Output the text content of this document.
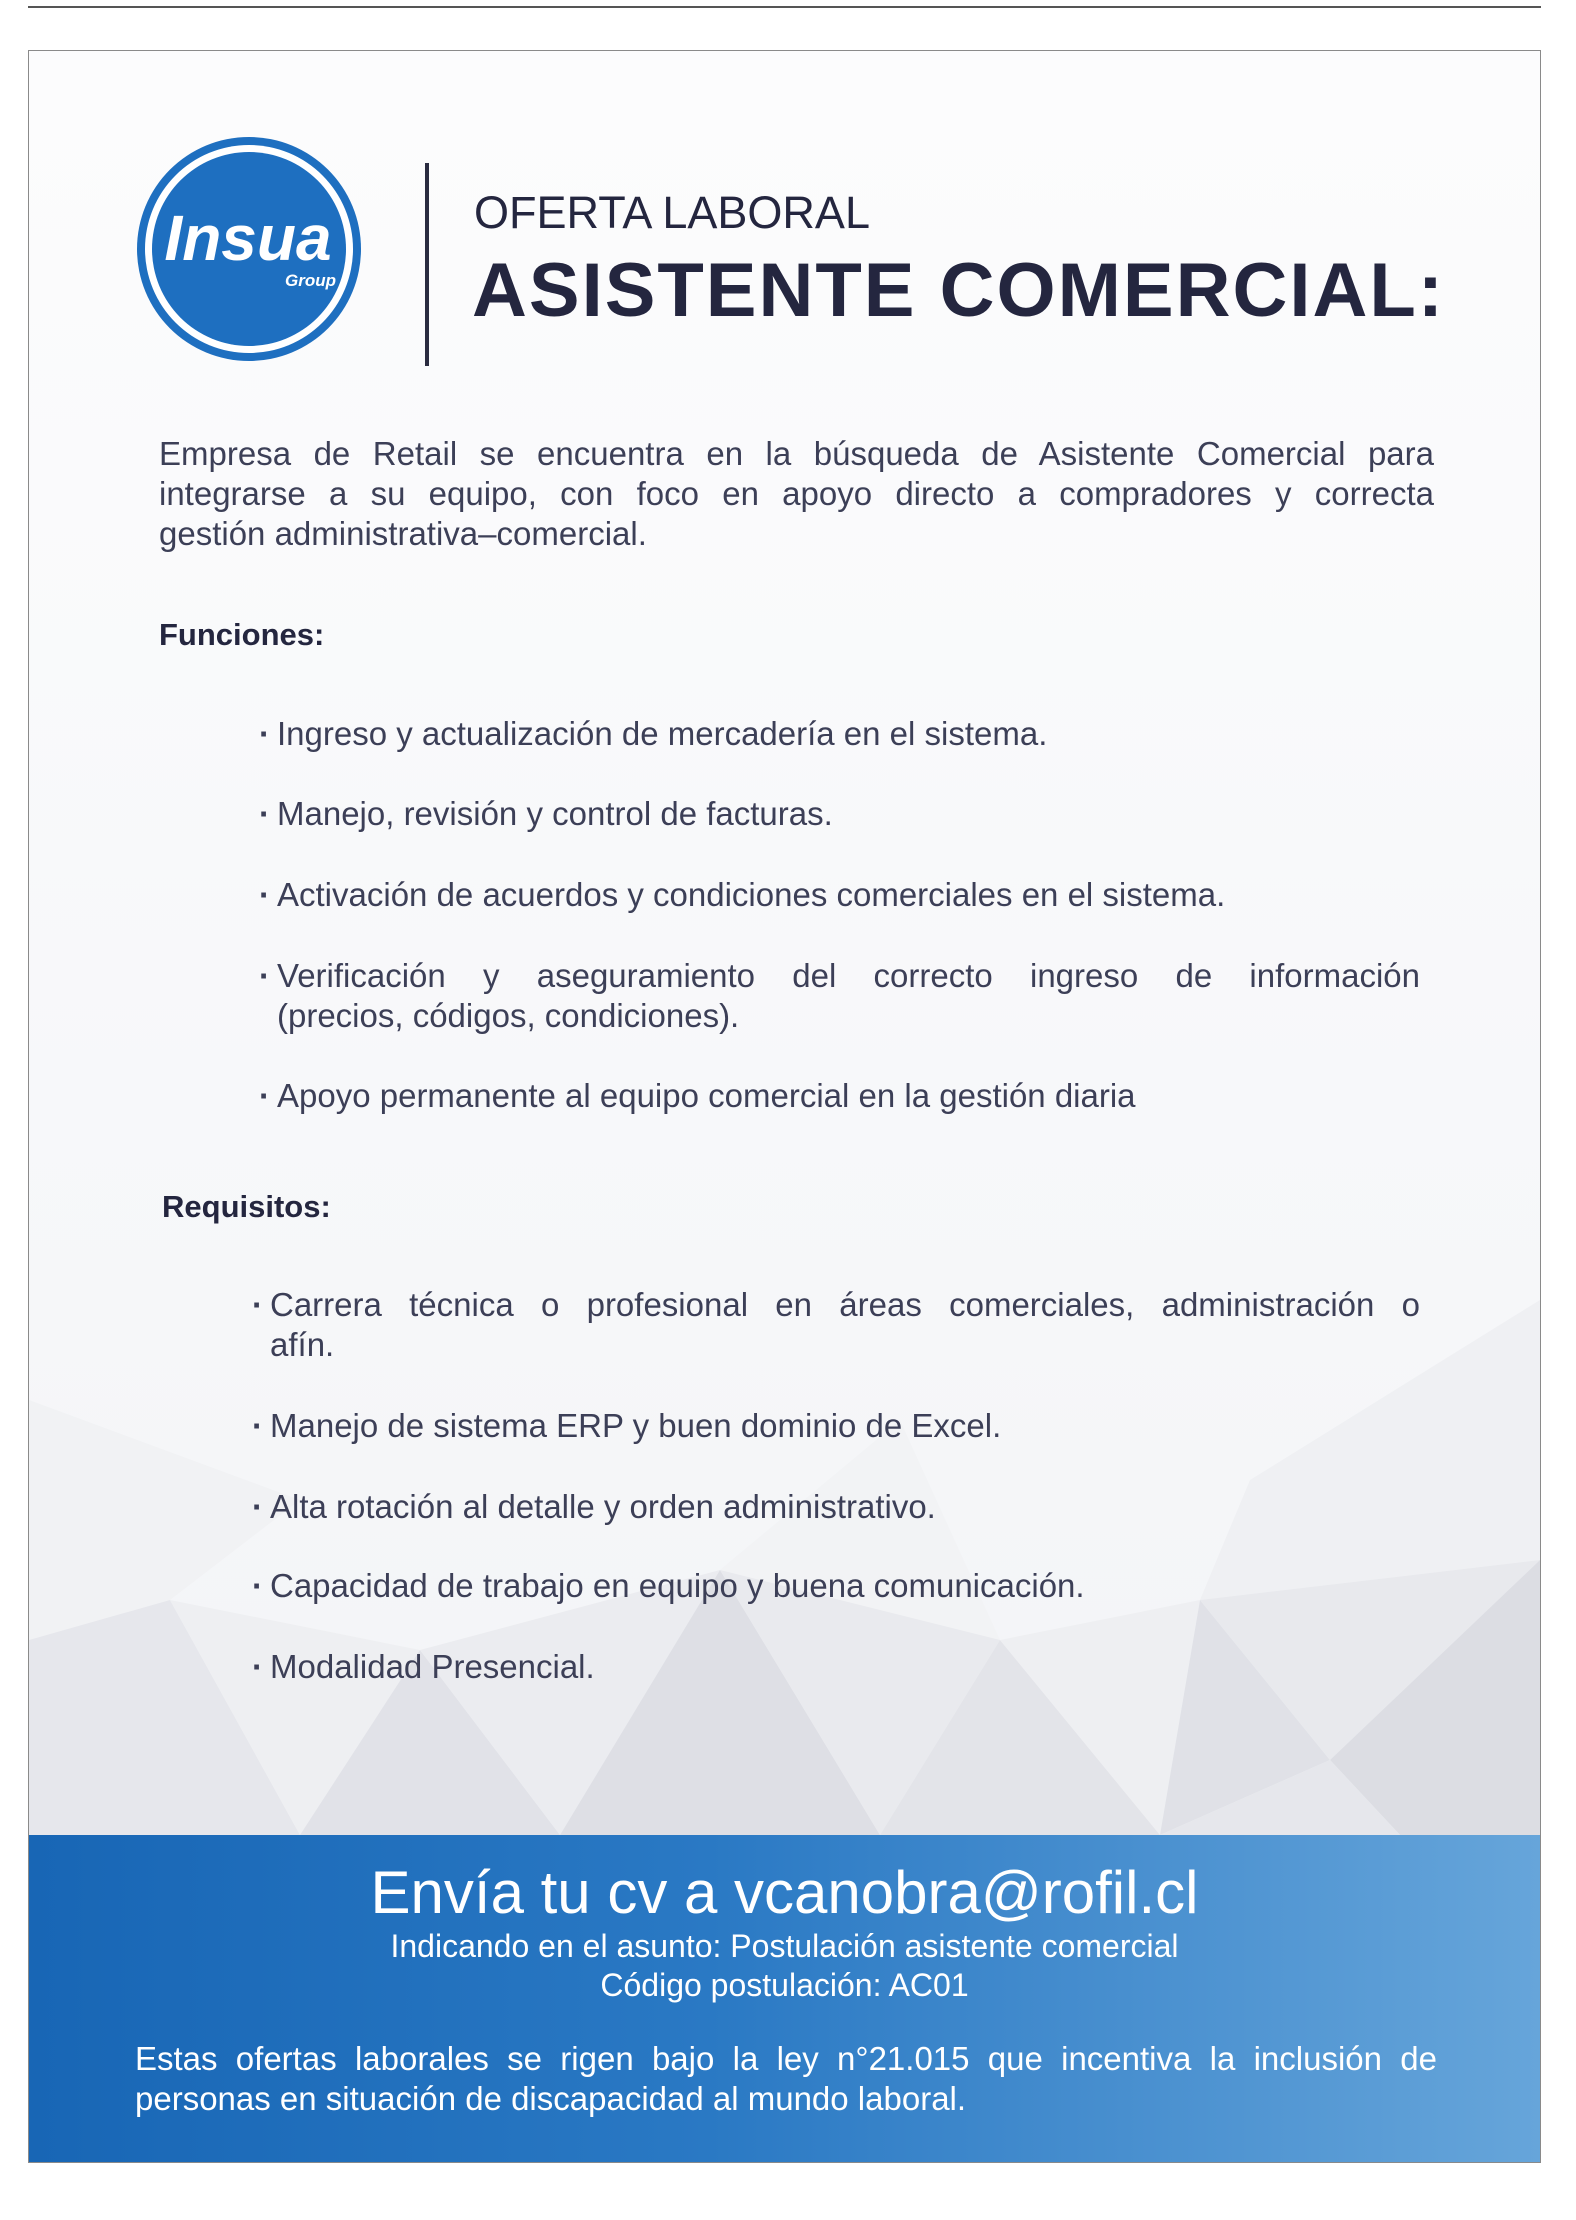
Insua
Group
OFERTA LABORAL
ASISTENTE COMERCIAL:
Empresa de Retail se encuentra en la búsqueda de Asistente Comercial para
integrarse a su equipo, con foco en apoyo directo a compradores y correcta
gestión administrativa–comercial.
Funciones:
· Ingreso y actualización de mercadería en el sistema.
· Manejo, revisión y control de facturas.
· Activación de acuerdos y condiciones comerciales en el sistema.
· Verificación y aseguramiento del correcto ingreso de información
(precios, códigos, condiciones).
· Apoyo permanente al equipo comercial en la gestión diaria
Requisitos:
· Carrera técnica o profesional en áreas comerciales, administración o
afín.
· Manejo de sistema ERP y buen dominio de Excel.
· Alta rotación al detalle y orden administrativo.
· Capacidad de trabajo en equipo y buena comunicación.
· Modalidad Presencial.
Envía tu cv a vcanobra@rofil.cl
Indicando en el asunto: Postulación asistente comercial
Código postulación: AC01
Estas ofertas laborales se rigen bajo la ley n°21.015 que incentiva la inclusión de
personas en situación de discapacidad al mundo laboral.
